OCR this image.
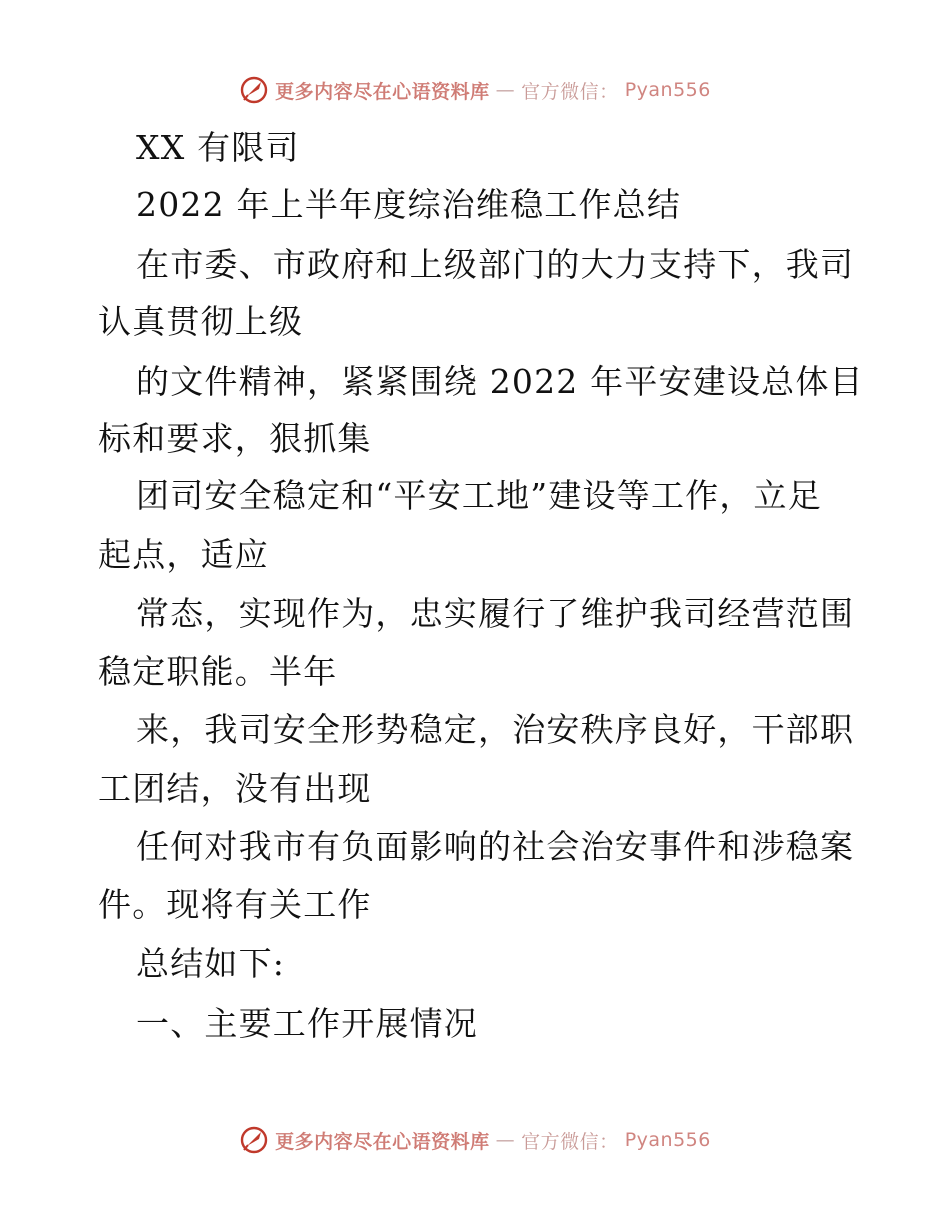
更多内容尽在心语资料库 — 官方微信： Pyan556
XX 有限司
2022 年上半年度综治维稳工作总结
在市委、市政府和上级部门的大力支持下，我司
认真贯彻上级
的文件精神，紧紧围绕 2022 年平安建设总体目
标和要求，狠抓集
团司安全稳定和“平安工地”建设等工作，立足
起点，适应
常态，实现作为，忠实履行了维护我司经营范围
稳定职能。半年
来，我司安全形势稳定，治安秩序良好，干部职
工团结，没有出现
任何对我市有负面影响的社会治安事件和涉稳案
件。现将有关工作
总结如下:
一、主要工作开展情况
更多内容尽在心语资料库 — 官方微信： Pyan556
